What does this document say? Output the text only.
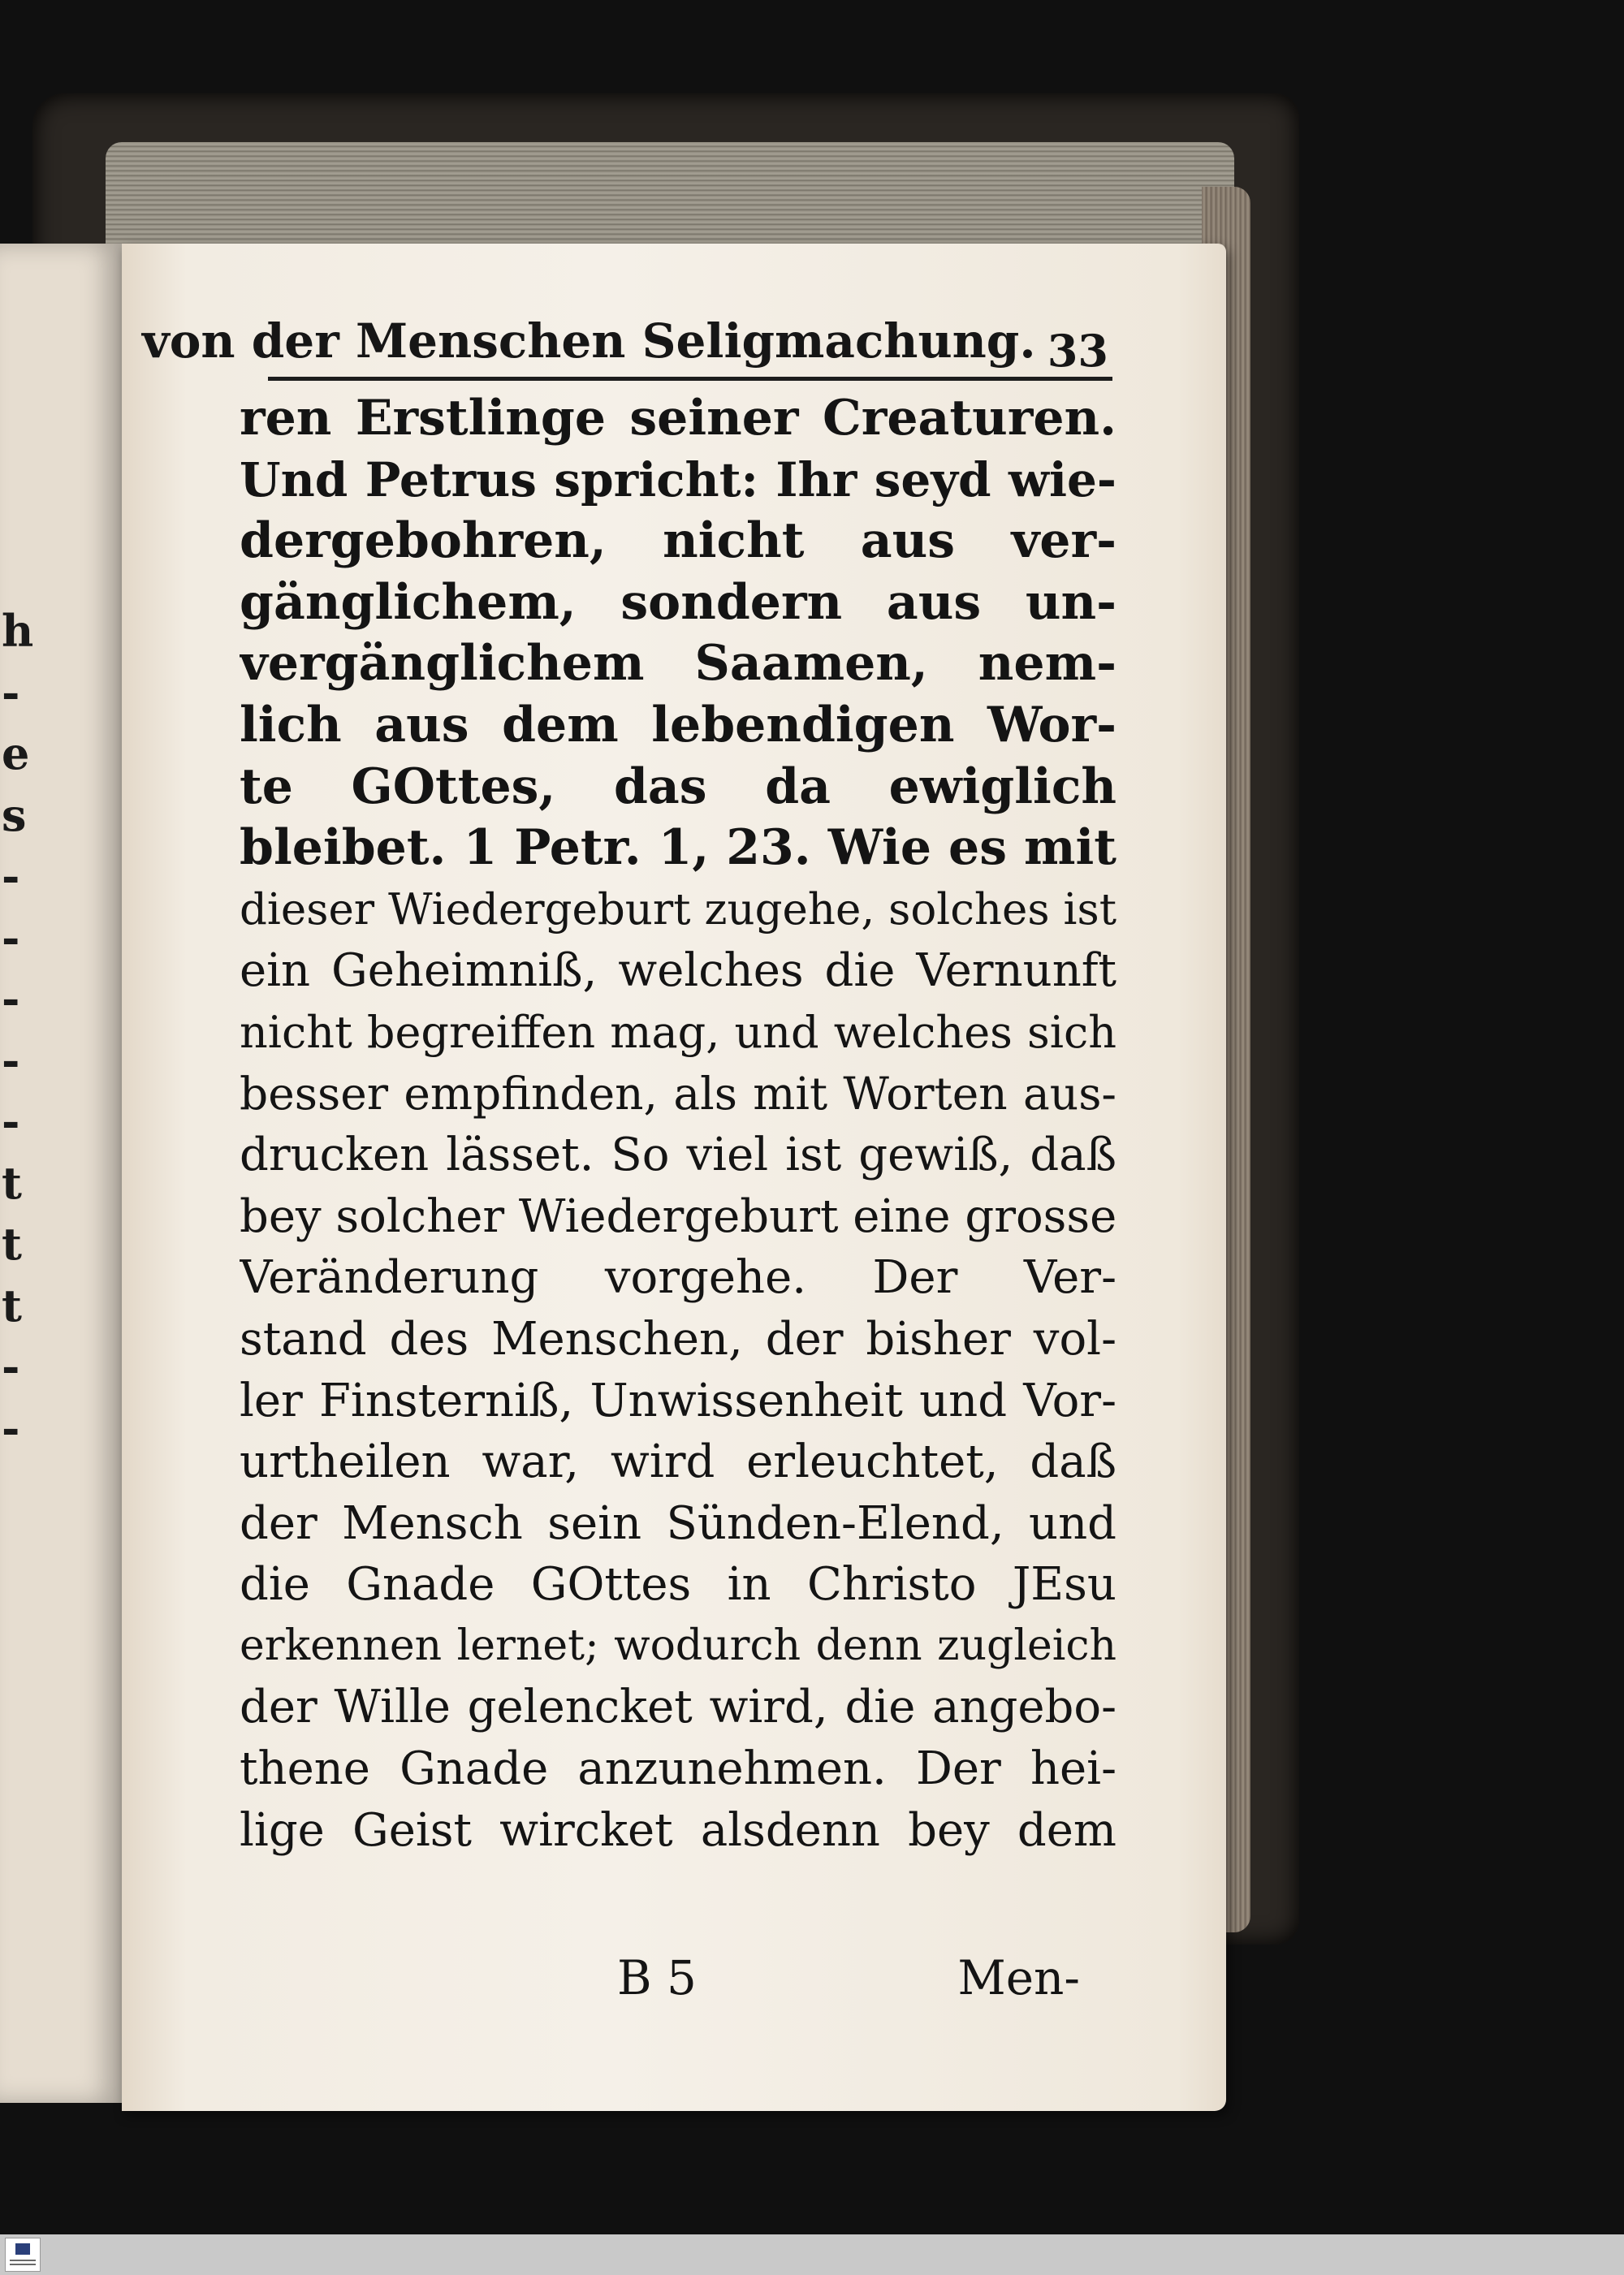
h
-
e
s
-
-
-
-
-
t
t
t
-
-
von der Menschen Seligmachung. 33
ren Erstlinge seiner Creaturen.
Und Petrus spricht: Ihr seyd wie-
dergebohren, nicht aus ver-
gänglichem, sondern aus un-
vergänglichem Saamen, nem-
lich aus dem lebendigen Wor-
te GOttes, das da ewiglich
bleibet. 1 Petr. 1, 23. Wie es mit
dieser Wiedergeburt zugehe, solches ist
ein Geheimniß, welches die Vernunft
nicht begreiffen mag, und welches sich
besser empfinden, als mit Worten aus-
drucken lässet. So viel ist gewiß, daß
bey solcher Wiedergeburt eine grosse
Veränderung vorgehe. Der Ver-
stand des Menschen, der bisher vol-
ler Finsterniß, Unwissenheit und Vor-
urtheilen war, wird erleuchtet, daß
der Mensch sein Sünden-Elend, und
die Gnade GOttes in Christo JEsu
erkennen lernet; wodurch denn zugleich
der Wille gelencket wird, die angebo-
thene Gnade anzunehmen. Der hei-
lige Geist wircket alsdenn bey dem
B 5	Men-
